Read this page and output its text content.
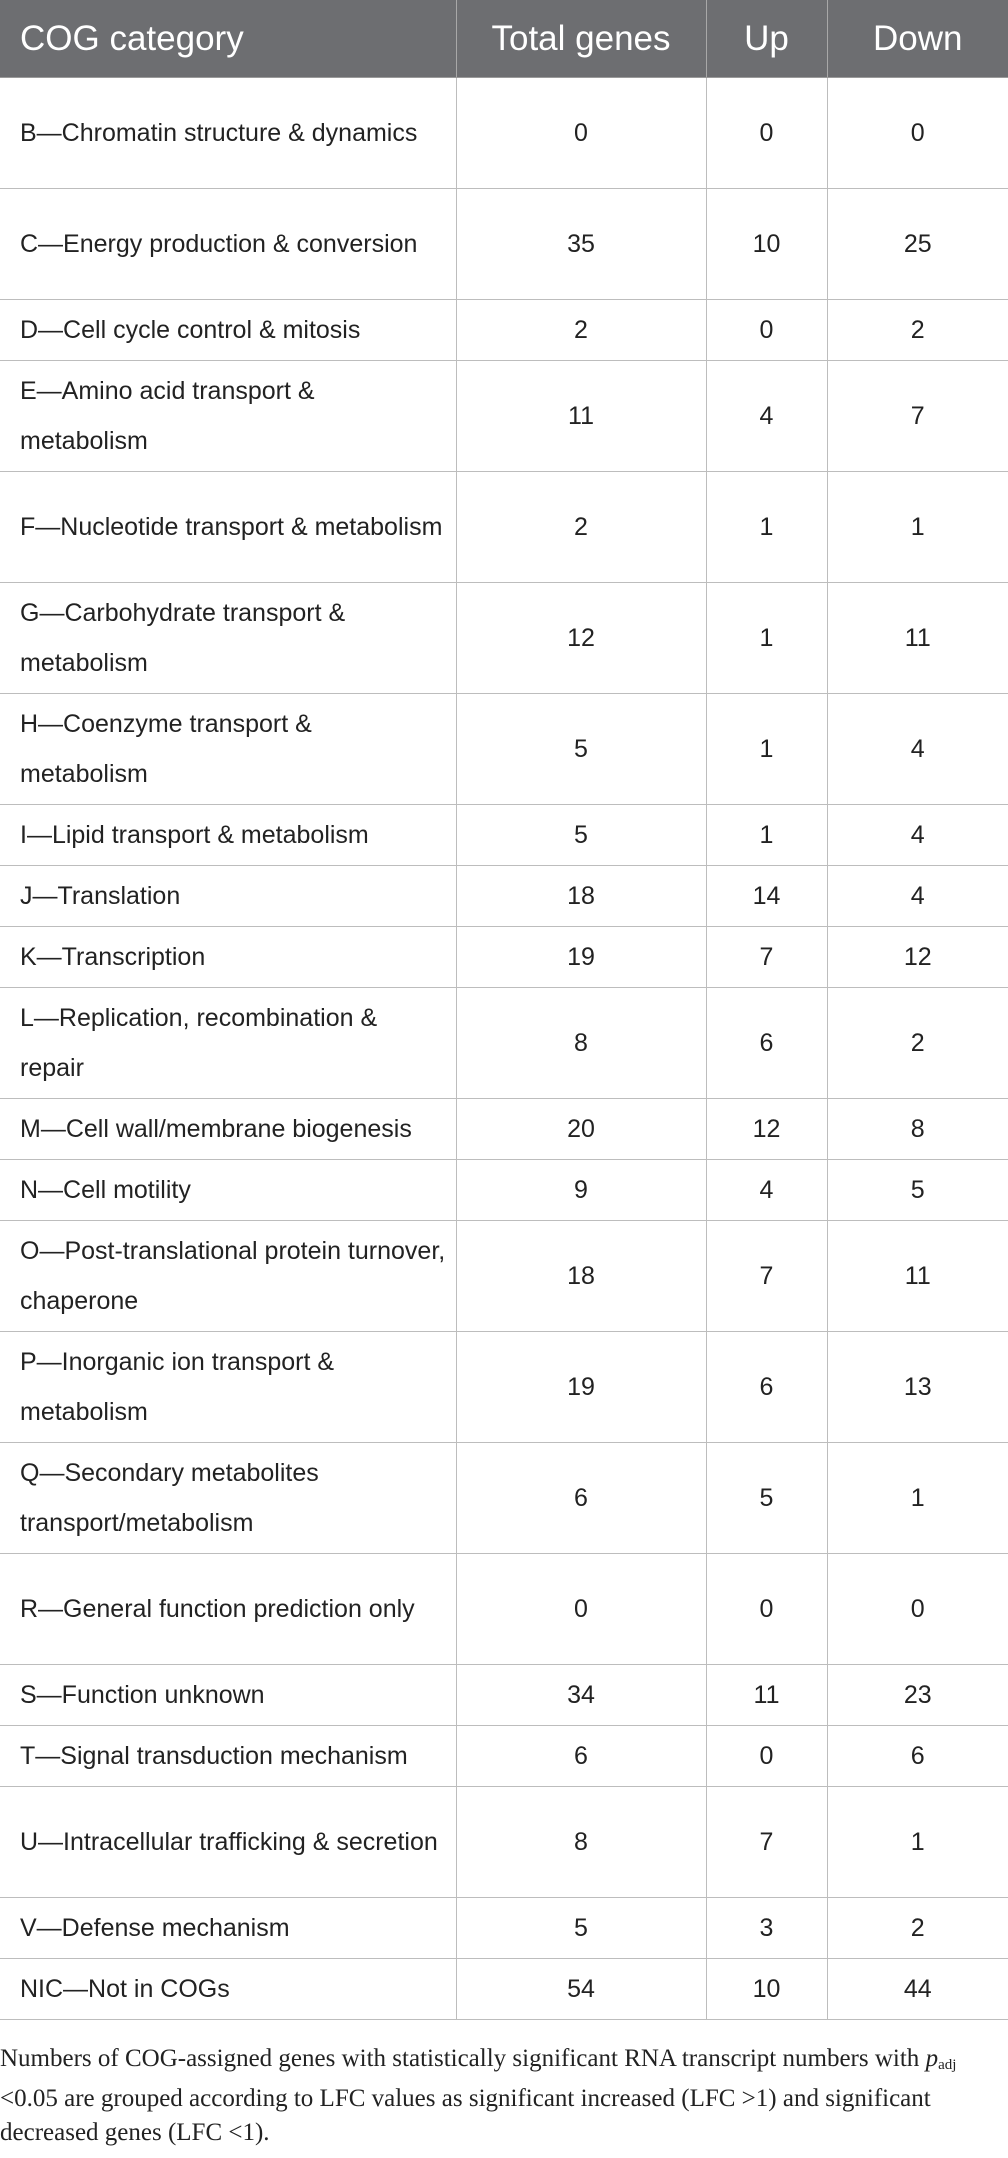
COG category	Total genes	Up	Down
B—Chromatin structure & dynamics	0	0	0
C—Energy production & conversion	35	10	25
D—Cell cycle control & mitosis	2	0	2
E—Amino acid transport & metabolism	11	4	7
F—Nucleotide transport & metabolism	2	1	1
G—Carbohydrate transport & metabolism	12	1	11
H—Coenzyme transport & metabolism	5	1	4
I—Lipid transport & metabolism	5	1	4
J—Translation	18	14	4
K—Transcription	19	7	12
L—Replication, recombination & repair	8	6	2
M—Cell wall/membrane biogenesis	20	12	8
N—Cell motility	9	4	5
O—Post-translational protein turnover, chaperone	18	7	11
P—Inorganic ion transport & metabolism	19	6	13
Q—Secondary metabolites transport/metabolism	6	5	1
R—General function prediction only	0	0	0
S—Function unknown	34	11	23
T—Signal transduction mechanism	6	0	6
U—Intracellular trafficking & secretion	8	7	1
V—Defense mechanism	5	3	2
NIC—Not in COGs	54	10	44
Numbers of COG-assigned genes with statistically significant RNA transcript numbers with $p_{adj} <0.05$ are grouped according to LFC values as significant increased (LFC >1) and significant decreased genes (LFC <1).
